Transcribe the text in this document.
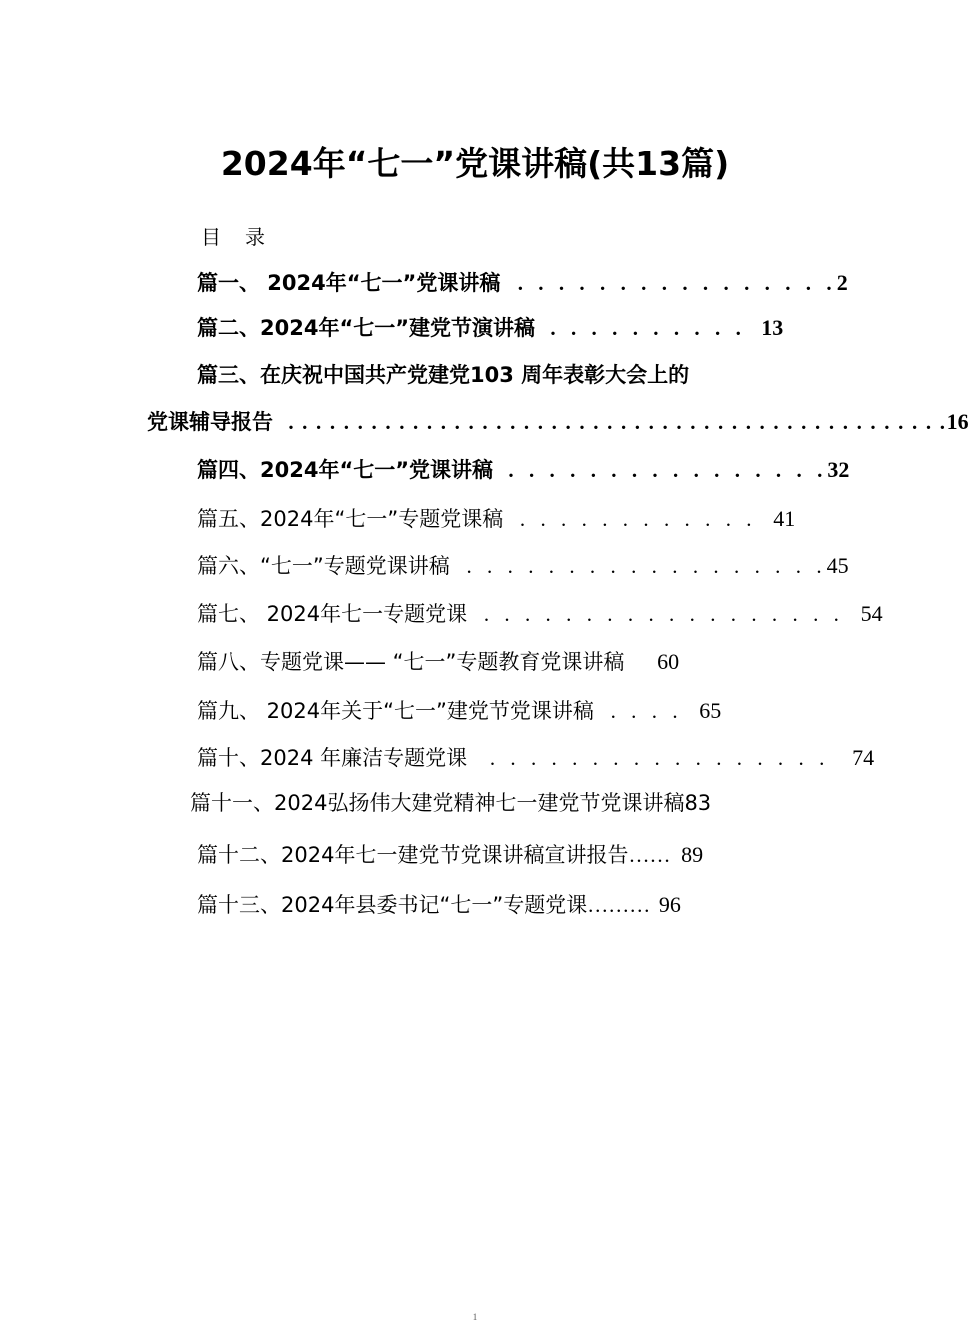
2024年“七一”党课讲稿(共13篇)
目录
篇一、 2024年“七一”党课讲稿 . . . . . . . . . . . . . . . .2
篇二、2024年“七一”建党节演讲稿 . . . . . . . . . . 13
篇三、在庆祝中国共产党建党103 周年表彰大会上的
党课辅导报告 . . . . . . . . . . . . . . . . . . . . . . . . . . . . . . . . . . . . . . . . . . . . . . . .16
篇四、2024年“七一”党课讲稿 . . . . . . . . . . . . . . . .32
篇五、2024年“七一”专题党课稿 . . . . . . . . . . . . 41
篇六、“七一”专题党课讲稿 . . . . . . . . . . . . . . . . . .45
篇七、 2024年七一专题党课 . . . . . . . . . . . . . . . . . . 54
篇八、专题党课—— “七一”专题教育党课讲稿 60
篇九、 2024年关于“七一”建党节党课讲稿 . . . . 65
篇十、2024 年廉洁专题党课 . . . . . . . . . . . . . . . . . 74
篇十一、2024弘扬伟大建党精神七一建党节党课讲稿83
篇十二、2024年七一建党节党课讲稿宣讲报告…… 89
篇十三、2024年县委书记“七一”专题党课……… 96
1
